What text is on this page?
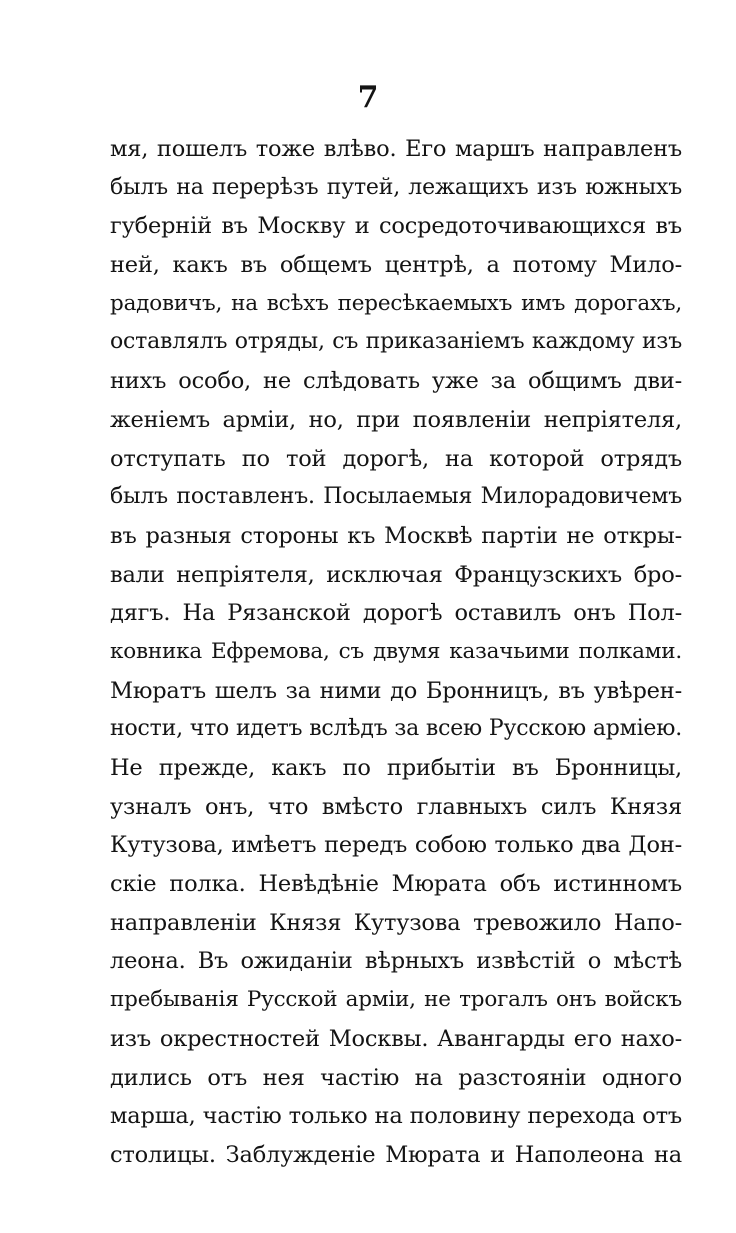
7
мя, пошелъ тоже влѣво. Его маршъ направленъ
былъ на перерѣзъ путей, лежащихъ изъ южныхъ
губерній въ Москву и сосредоточивающихся въ
ней, какъ въ общемъ центрѣ, а потому Мило-
радовичъ, на всѣхъ пересѣкаемыхъ имъ дорогахъ,
оставлялъ отряды, съ приказаніемъ каждому изъ
нихъ особо, не слѣдовать уже за общимъ дви-
женіемъ арміи, но, при появленіи непріятеля,
отступать по той дорогѣ, на которой отрядъ
былъ поставленъ. Посылаемыя Милорадовичемъ
въ разныя стороны къ Москвѣ партіи не откры-
вали непріятеля, исключая Французскихъ бро-
дягъ. На Рязанской дорогѣ оставилъ онъ Пол-
ковника Ефремова, съ двумя казачьими полками.
Мюратъ шелъ за ними до Бронницъ, въ увѣрен-
ности, что идетъ вслѣдъ за всею Русскою арміею.
Не прежде, какъ по прибытіи въ Бронницы,
узналъ онъ, что вмѣсто главныхъ силъ Князя
Кутузова, имѣетъ передъ собою только два Дон-
скіе полка. Невѣдѣніе Мюрата объ истинномъ
направленіи Князя Кутузова тревожило Напо-
леона. Въ ожиданіи вѣрныхъ извѣстій о мѣстѣ
пребыванія Русской арміи, не трогалъ онъ войскъ
изъ окрестностей Москвы. Авангарды его нахо-
дились отъ нея частію на разстояніи одного
марша, частію только на половину перехода отъ
столицы. Заблужденіе Мюрата и Наполеона на
